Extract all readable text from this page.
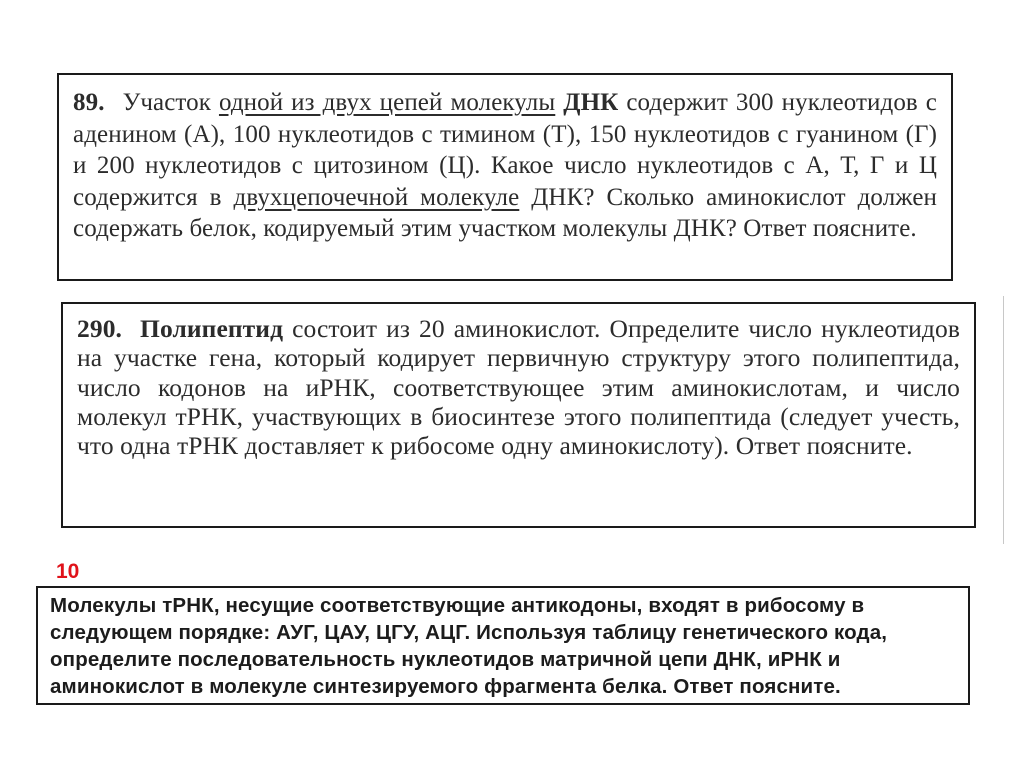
89. Участок одной из двух цепей молекулы ДНК содержит 300 нуклеотидов с аденином (А), 100 нуклеотидов с тимином (Т), 150 нуклеотидов с гуанином (Г) и 200 нуклеотидов с цитозином (Ц). Какое число нуклеотидов с А, Т, Г и Ц содержится в двухцепочечной молекуле ДНК? Сколько аминокислот должен содержать белок, кодируемый этим участком молекулы ДНК? Ответ поясните.
290. Полипептид состоит из 20 аминокислот. Определите число нуклеотидов на участке гена, который кодирует первичную структуру этого полипептида, число кодонов на иРНК, соответствующее этим аминокислотам, и число молекул тРНК, участвующих в биосинтезе этого полипептида (следует учесть, что одна тРНК доставляет к рибосоме одну аминокислоту). Ответ поясните.
10
Молекулы тРНК, несущие соответствующие антикодоны, входят в рибосому в следующем порядке: АУГ, ЦАУ, ЦГУ, АЦГ. Используя таблицу генетического кода, определите последовательность нуклеотидов матричной цепи ДНК, иРНК и аминокислот в молекуле синтезируемого фрагмента белка. Ответ поясните.
